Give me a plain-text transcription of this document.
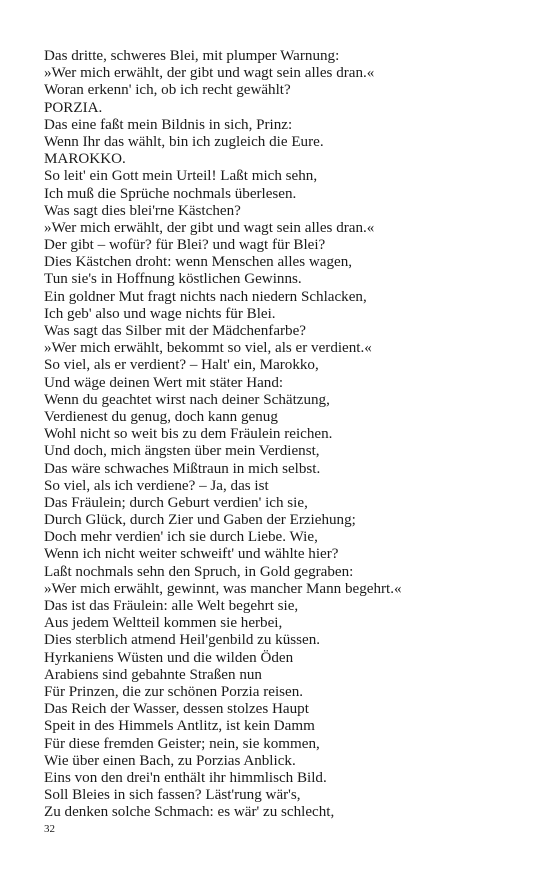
Das dritte, schweres Blei, mit plumper Warnung:
»Wer mich erwählt, der gibt und wagt sein alles dran.«
Woran erkenn' ich, ob ich recht gewählt?
PORZIA.
Das eine faßt mein Bildnis in sich, Prinz:
Wenn Ihr das wählt, bin ich zugleich die Eure.
MAROKKO.
So leit' ein Gott mein Urteil! Laßt mich sehn,
Ich muß die Sprüche nochmals überlesen.
Was sagt dies blei'rne Kästchen?
»Wer mich erwählt, der gibt und wagt sein alles dran.«
Der gibt – wofür? für Blei? und wagt für Blei?
Dies Kästchen droht: wenn Menschen alles wagen,
Tun sie's in Hoffnung köstlichen Gewinns.
Ein goldner Mut fragt nichts nach niedern Schlacken,
Ich geb' also und wage nichts für Blei.
Was sagt das Silber mit der Mädchenfarbe?
»Wer mich erwählt, bekommt so viel, als er verdient.«
So viel, als er verdient? – Halt' ein, Marokko,
Und wäge deinen Wert mit stäter Hand:
Wenn du geachtet wirst nach deiner Schätzung,
Verdienest du genug, doch kann genug
Wohl nicht so weit bis zu dem Fräulein reichen.
Und doch, mich ängsten über mein Verdienst,
Das wäre schwaches Mißtraun in mich selbst.
So viel, als ich verdiene? – Ja, das ist
Das Fräulein; durch Geburt verdien' ich sie,
Durch Glück, durch Zier und Gaben der Erziehung;
Doch mehr verdien' ich sie durch Liebe. Wie,
Wenn ich nicht weiter schweift' und wählte hier?
Laßt nochmals sehn den Spruch, in Gold gegraben:
»Wer mich erwählt, gewinnt, was mancher Mann begehrt.«
Das ist das Fräulein: alle Welt begehrt sie,
Aus jedem Weltteil kommen sie herbei,
Dies sterblich atmend Heil'genbild zu küssen.
Hyrkaniens Wüsten und die wilden Öden
Arabiens sind gebahnte Straßen nun
Für Prinzen, die zur schönen Porzia reisen.
Das Reich der Wasser, dessen stolzes Haupt
Speit in des Himmels Antlitz, ist kein Damm
Für diese fremden Geister; nein, sie kommen,
Wie über einen Bach, zu Porzias Anblick.
Eins von den drei'n enthält ihr himmlisch Bild.
Soll Bleies in sich fassen? Läst'rung wär's,
Zu denken solche Schmach: es wär' zu schlecht,
32
